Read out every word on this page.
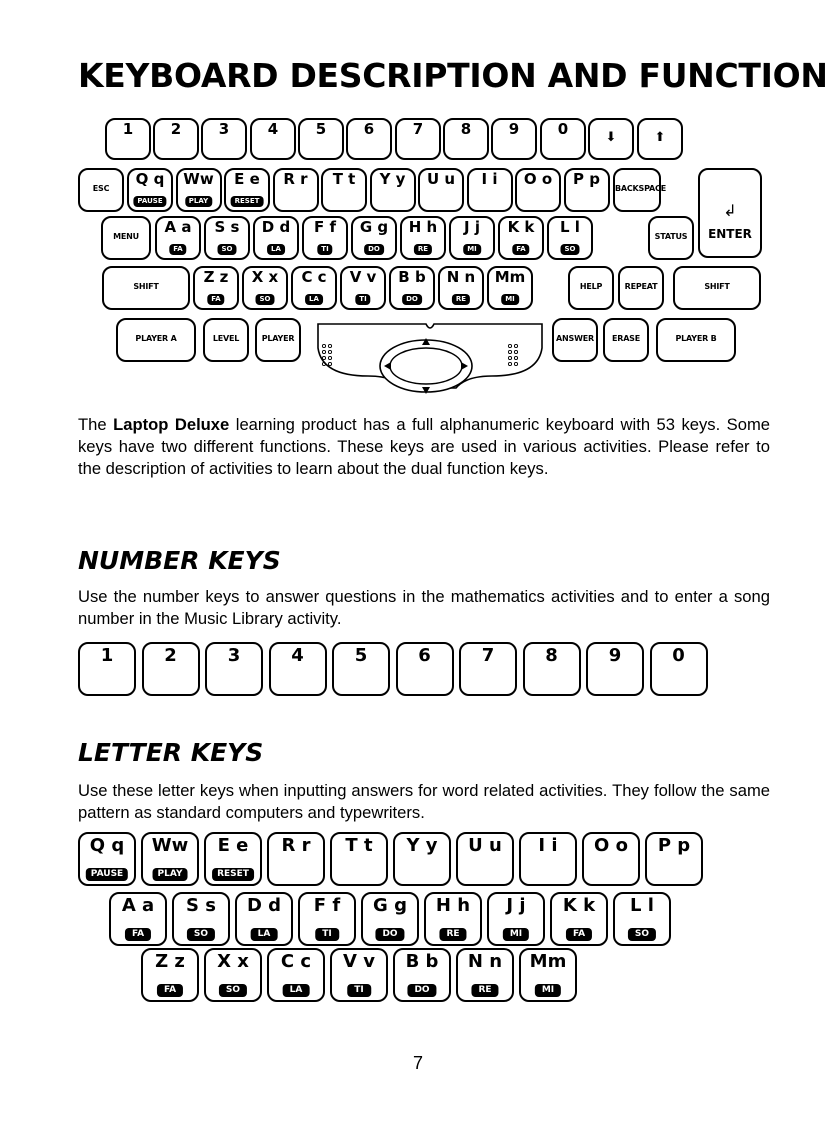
KEYBOARD DESCRIPTION AND FUNCTION

The Laptop Deluxe learning product has a full alphanumeric keyboard with 53 keys. Some keys have two different functions. These keys are used in various activities. Please refer to the description of activities to learn about the dual function keys.

NUMBER KEYS

Use the number keys to answer questions in the mathematics activities and to enter a song number in the Music Library activity.

LETTER KEYS

Use these letter keys when inputting answers for word related activities. They follow the same pattern as standard computers and typewriters.

7
1	2	3	4	5	6	7	8	9	0	⬇	⬆
ESC
Q q
PAUSE
Ww
PLAY
E e
RESET
R r	T t	Y y	U u	I i	O o	P p
BACKSPACE
ENTER
↲
MENU
A a
FA
S s
SO
D d
LA
F f
TI
G g
DO
H h
RE
J j
MI
K k
FA
L l
SO
STATUS
SHIFT
Z z
FA
X x
SO
C c
LA
V v
TI
B b
DO
N n
RE
Mm
MI
HELP	REPEAT	SHIFT
PLAYER A	LEVEL	PLAYER	ANSWER	ERASE	PLAYER B
1	2	3	4	5	6	7	8	9	0
Q q
PAUSE
Ww
PLAY
E e
RESET
R r	T t	Y y	U u	I i	O o	P p
A a
FA
S s
SO
D d
LA
F f
TI
G g
DO
H h
RE
J j
MI
K k
FA
L l
SO
Z z
FA
X x
SO
C c
LA
V v
TI
B b
DO
N n
RE
Mm
MI
